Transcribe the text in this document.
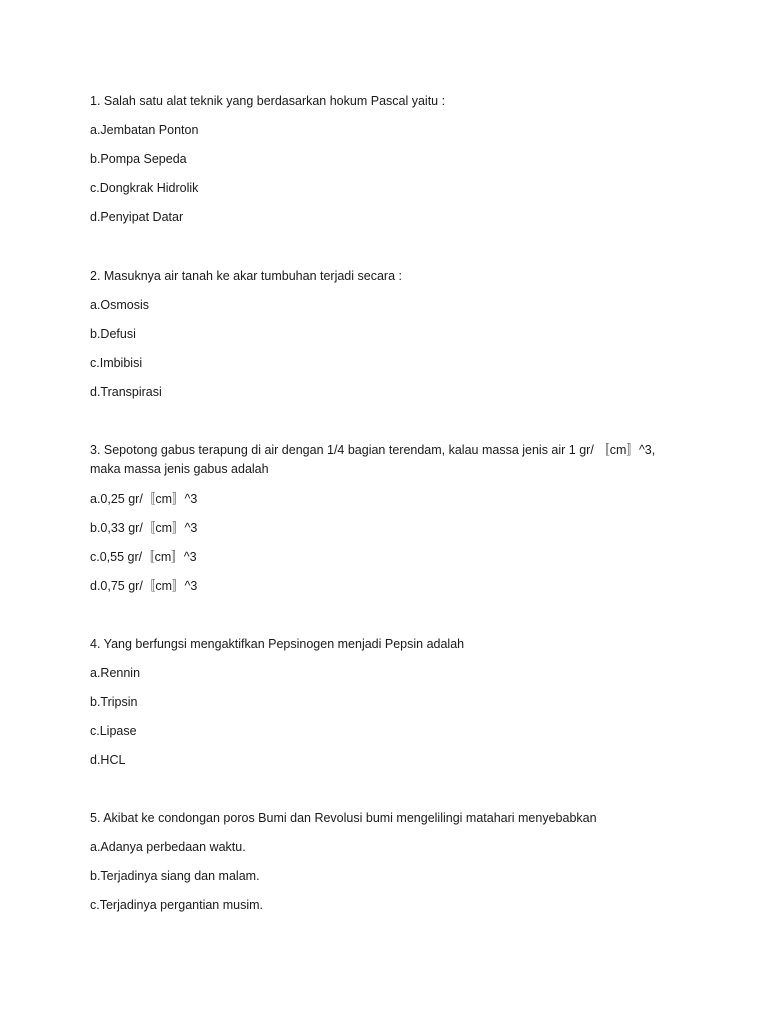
1. Salah satu alat teknik yang berdasarkan hokum Pascal yaitu :
a.Jembatan Ponton
b.Pompa Sepeda
c.Dongkrak Hidrolik
d.Penyipat Datar
2. Masuknya air tanah ke akar tumbuhan terjadi secara :
a.Osmosis
b.Defusi
c.Imbibisi
d.Transpirasi
3. Sepotong gabus terapung di air dengan 1/4 bagian terendam, kalau massa jenis air 1 gr/ 〚cm〛^3, maka massa jenis gabus adalah
a.0,25 gr/〚cm〛^3
b.0,33 gr/〚cm〛^3
c.0,55 gr/〚cm〛^3
d.0,75 gr/〚cm〛^3
4. Yang berfungsi mengaktifkan Pepsinogen menjadi Pepsin adalah
a.Rennin
b.Tripsin
c.Lipase
d.HCL
5. Akibat ke condongan poros Bumi dan Revolusi bumi mengelilingi matahari menyebabkan
a.Adanya perbedaan waktu.
b.Terjadinya siang dan malam.
c.Terjadinya pergantian musim.
